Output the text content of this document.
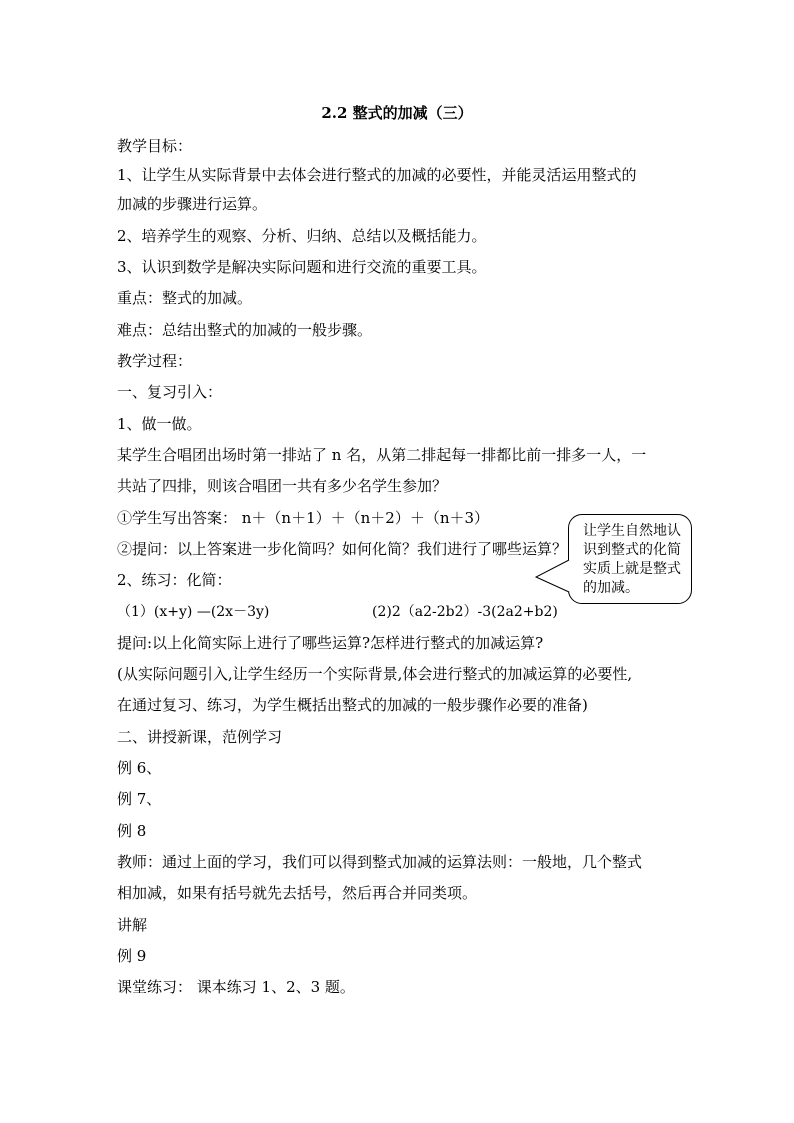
2.2 整式的加减（三）
教学目标：
1、让学生从实际背景中去体会进行整式的加减的必要性，并能灵活运用整式的
加减的步骤进行运算。
2、培养学生的观察、分析、归纳、总结以及概括能力。
3、认识到数学是解决实际问题和进行交流的重要工具。
重点：整式的加减。
难点：总结出整式的加减的一般步骤。
教学过程：
一、复习引入：
1、做一做。
某学生合唱团出场时第一排站了 n 名，从第二排起每一排都比前一排多一人，一
共站了四排，则该合唱团一共有多少名学生参加？
①学生写出答案： n＋（n＋1）＋（n＋2）＋（n＋3）
②提问：以上答案进一步化简吗？如何化简？我们进行了哪些运算？
2、练习：化简：
（1）(x+y) —(2x－3y)	(2)2（a2-2b2）-3(2a2+b2)
提问:以上化简实际上进行了哪些运算?怎样进行整式的加减运算?
(从实际问题引入,让学生经历一个实际背景,体会进行整式的加减运算的必要性,
在通过复习、练习，为学生概括出整式的加减的一般步骤作必要的准备)
二、讲授新课，范例学习
例 6、
例 7、
例 8
教师：通过上面的学习，我们可以得到整式加减的运算法则：一般地，几个整式
相加减，如果有括号就先去括号，然后再合并同类项。
讲解
例 9
课堂练习： 课本练习 1、2、3 题。
让学生自然地认
识到整式的化简
实质上就是整式
的加减。
